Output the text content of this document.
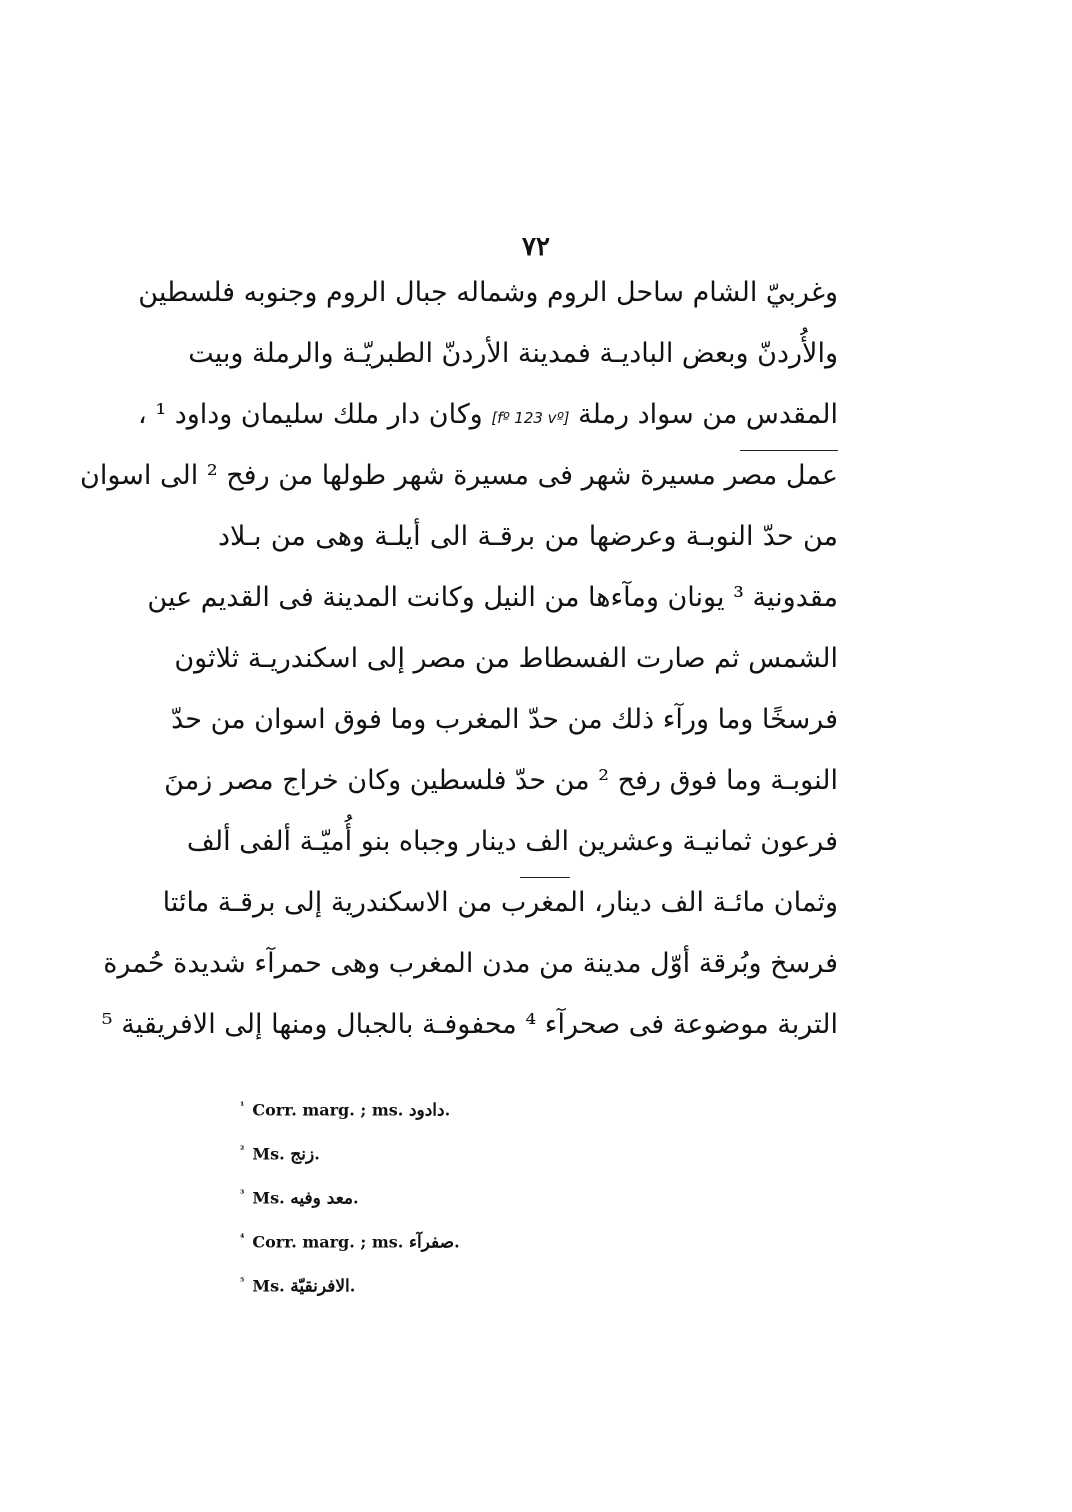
٧٢
وغربيّ الشام ساحل الروم وشماله جبال الروم وجنوبه فلسطين
والأُردنّ وبعض الباديـة فمدينة الأردنّ الطبريّـة والرملة وبيت
المقدس من سواد رملة [fº 123 vº] وكان دار ملك سليمان وداود ¹ ،
عمل مصر مسيرة شهر فى مسيرة شهر طولها من رفح ² الى اسوان
من حدّ النوبـة وعرضها من برقـة الى أيلـة وهى من بـلاد
مقدونية ³ يونان ومآءها من النيل وكانت المدينة فى القديم عين
الشمس ثم صارت الفسطاط من مصر إلى اسكندريـة ثلاثون
فرسخًا وما ورآء ذلك من حدّ المغرب وما فوق اسوان من حدّ
النوبـة وما فوق رفح ² من حدّ فلسطين وكان خراج مصر زمنَ
فرعون ثمانيـة وعشرين الف دينار وجباه بنو أُميّـة ألفى ألف
وثمان مائـة الف دينار، المغرب من الاسكندرية إلى برقـة مائتا
فرسخ وبُرقة أوّل مدينة من مدن المغرب وهى حمرآء شديدة حُمرة
التربة موضوعة فى صحرآء ⁴ محفوفـة بالجبال ومنها إلى الافريقية ⁵
$^{^1}$ Corr. marg. ; ms. دادود.
$^{^2}$ Ms. زنج.
$^{^3}$ Ms. معد وفيه.
$^{^4}$ Corr. marg. ; ms. صفرآء.
$^{^5}$ Ms. الافرنقيّة.
